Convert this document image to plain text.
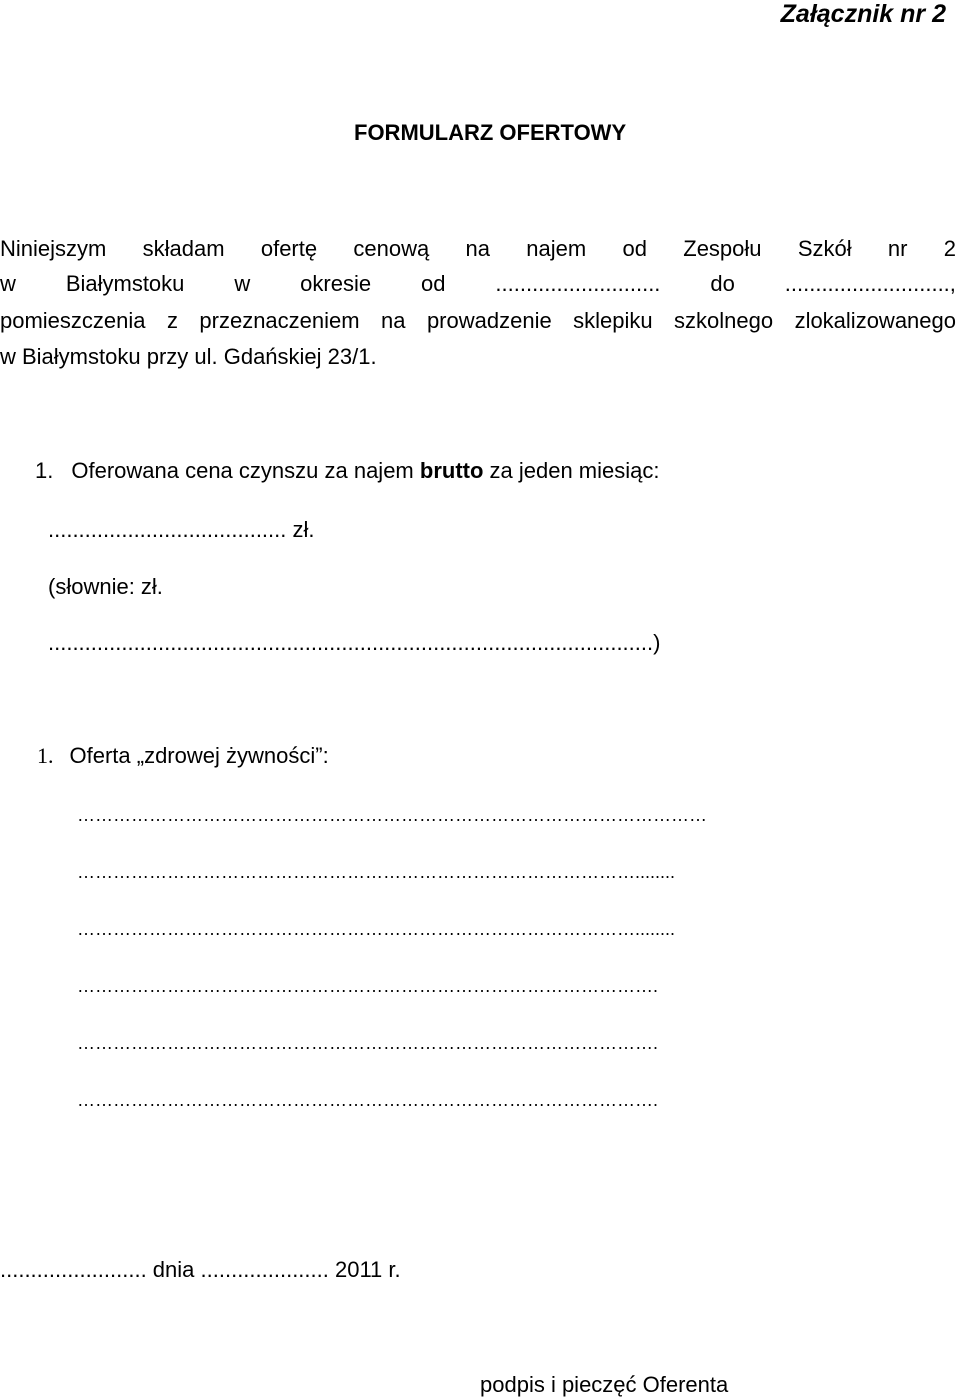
Załącznik nr 2
FORMULARZ OFERTOWY
Niniejszym składam ofertę cenową na najem od Zespołu Szkół nr 2
w Białymstoku w okresie od ........................... do ...........................,
pomieszczenia z przeznaczeniem na prowadzenie sklepiku szkolnego zlokalizowanego
w Białymstoku przy ul. Gdańskiej 23/1.
1. Oferowana cena czynszu za najem brutto za jeden miesiąc:
....................................... zł.
(słownie: zł.
...................................................................................................)
1. Oferta „zdrowej żywności”:
……………………………………………………………………………………………
…………………………………………………………………………………........
…………………………………………………………………………………........
…………………………………………………………………………………….
…………………………………………………………………………………….
…………………………………………………………………………………….
........................ dnia ..................... 2011 r.
podpis i pieczęć Oferenta
